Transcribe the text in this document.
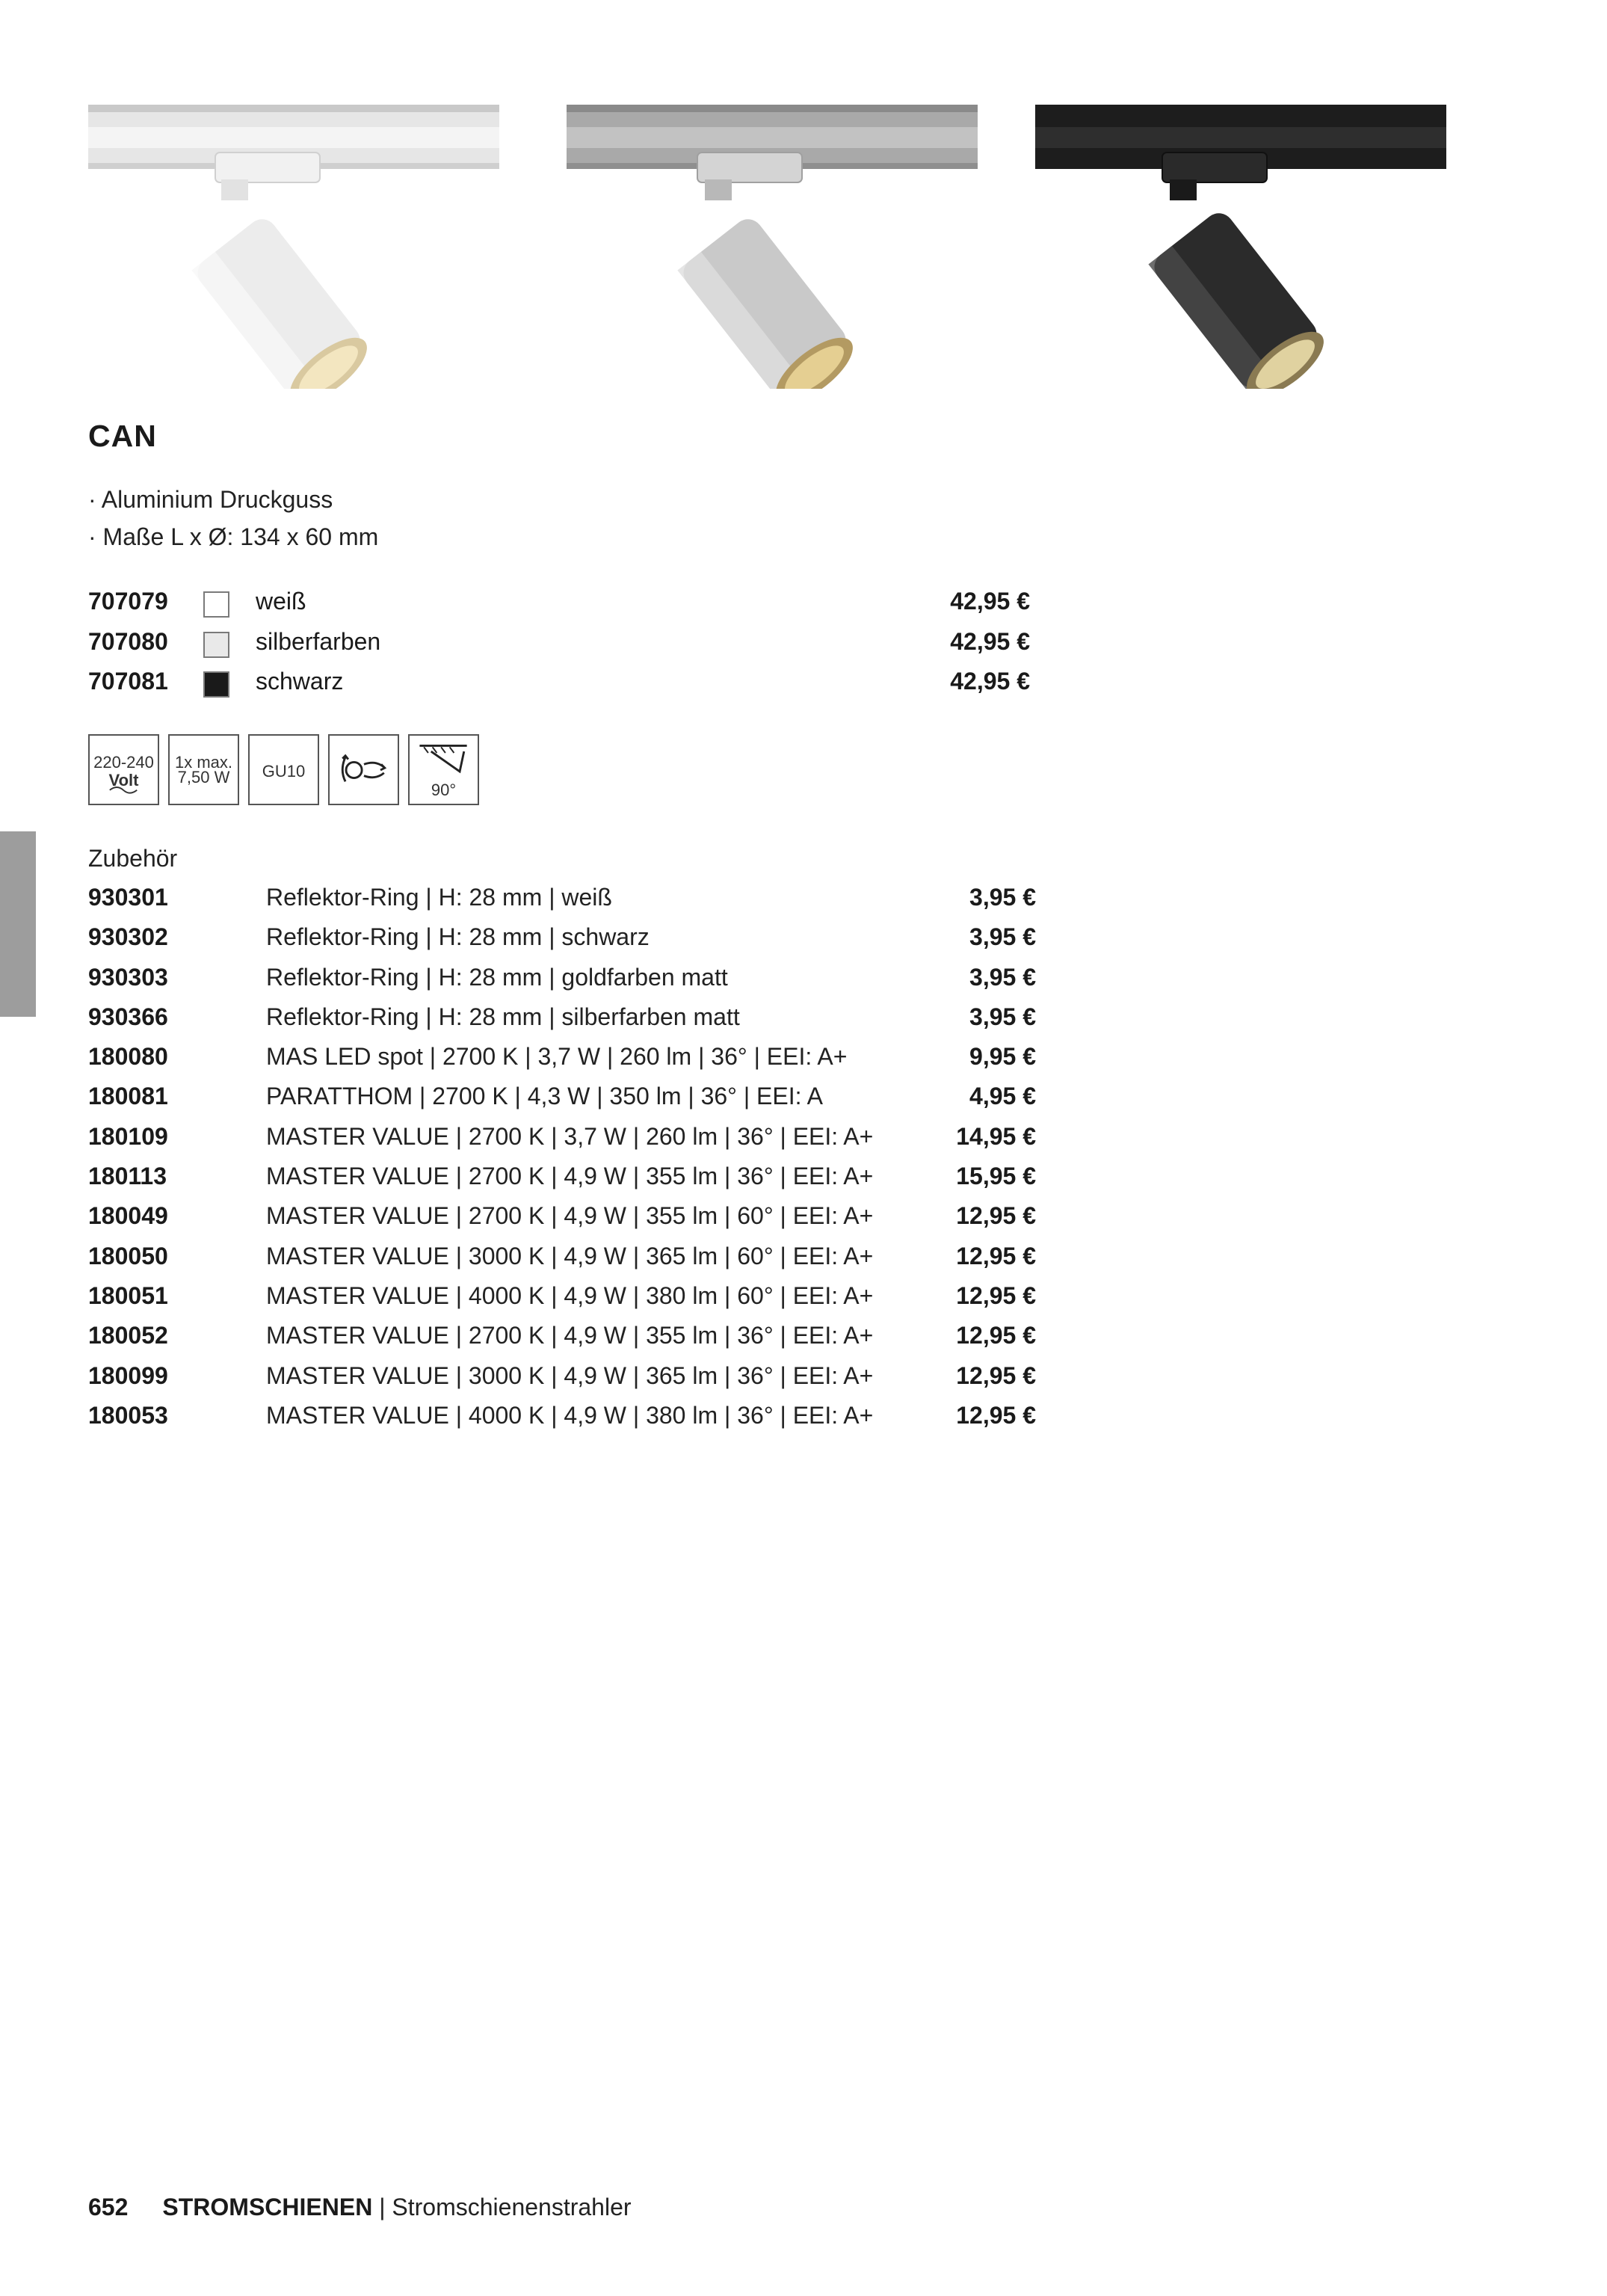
CAN
· Aluminium Druckguss
· Maße L x Ø: 134 x 60 mm
707079	weiß	42,95 €
707080	silberfarben	42,95 €
707081	schwarz	42,95 €
220-240
Volt
1x max.
7,50 W	GU10
90°
Zubehör
930301	Reflektor-Ring | H: 28 mm | weiß	3,95 €
930302	Reflektor-Ring | H: 28 mm | schwarz	3,95 €
930303	Reflektor-Ring | H: 28 mm | goldfarben matt	3,95 €
930366	Reflektor-Ring | H: 28 mm | silberfarben matt	3,95 €
180080	MAS LED spot | 2700 K | 3,7 W | 260 lm | 36° | EEI: A+	9,95 €
180081	PARATTHOM | 2700 K | 4,3 W | 350 lm | 36° | EEI: A	4,95 €
180109	MASTER VALUE | 2700 K | 3,7 W | 260 lm | 36° | EEI: A+	14,95 €
180113	MASTER VALUE | 2700 K | 4,9 W | 355 lm | 36° | EEI: A+	15,95 €
180049	MASTER VALUE | 2700 K | 4,9 W | 355 lm | 60° | EEI: A+	12,95 €
180050	MASTER VALUE | 3000 K | 4,9 W | 365 lm | 60° | EEI: A+	12,95 €
180051	MASTER VALUE | 4000 K | 4,9 W | 380 lm | 60° | EEI: A+	12,95 €
180052	MASTER VALUE | 2700 K | 4,9 W | 355 lm | 36° | EEI: A+	12,95 €
180099	MASTER VALUE | 3000 K | 4,9 W | 365 lm | 36° | EEI: A+	12,95 €
180053	MASTER VALUE | 4000 K | 4,9 W | 380 lm | 36° | EEI: A+	12,95 €
652 STROMSCHIENEN | Stromschienenstrahler
